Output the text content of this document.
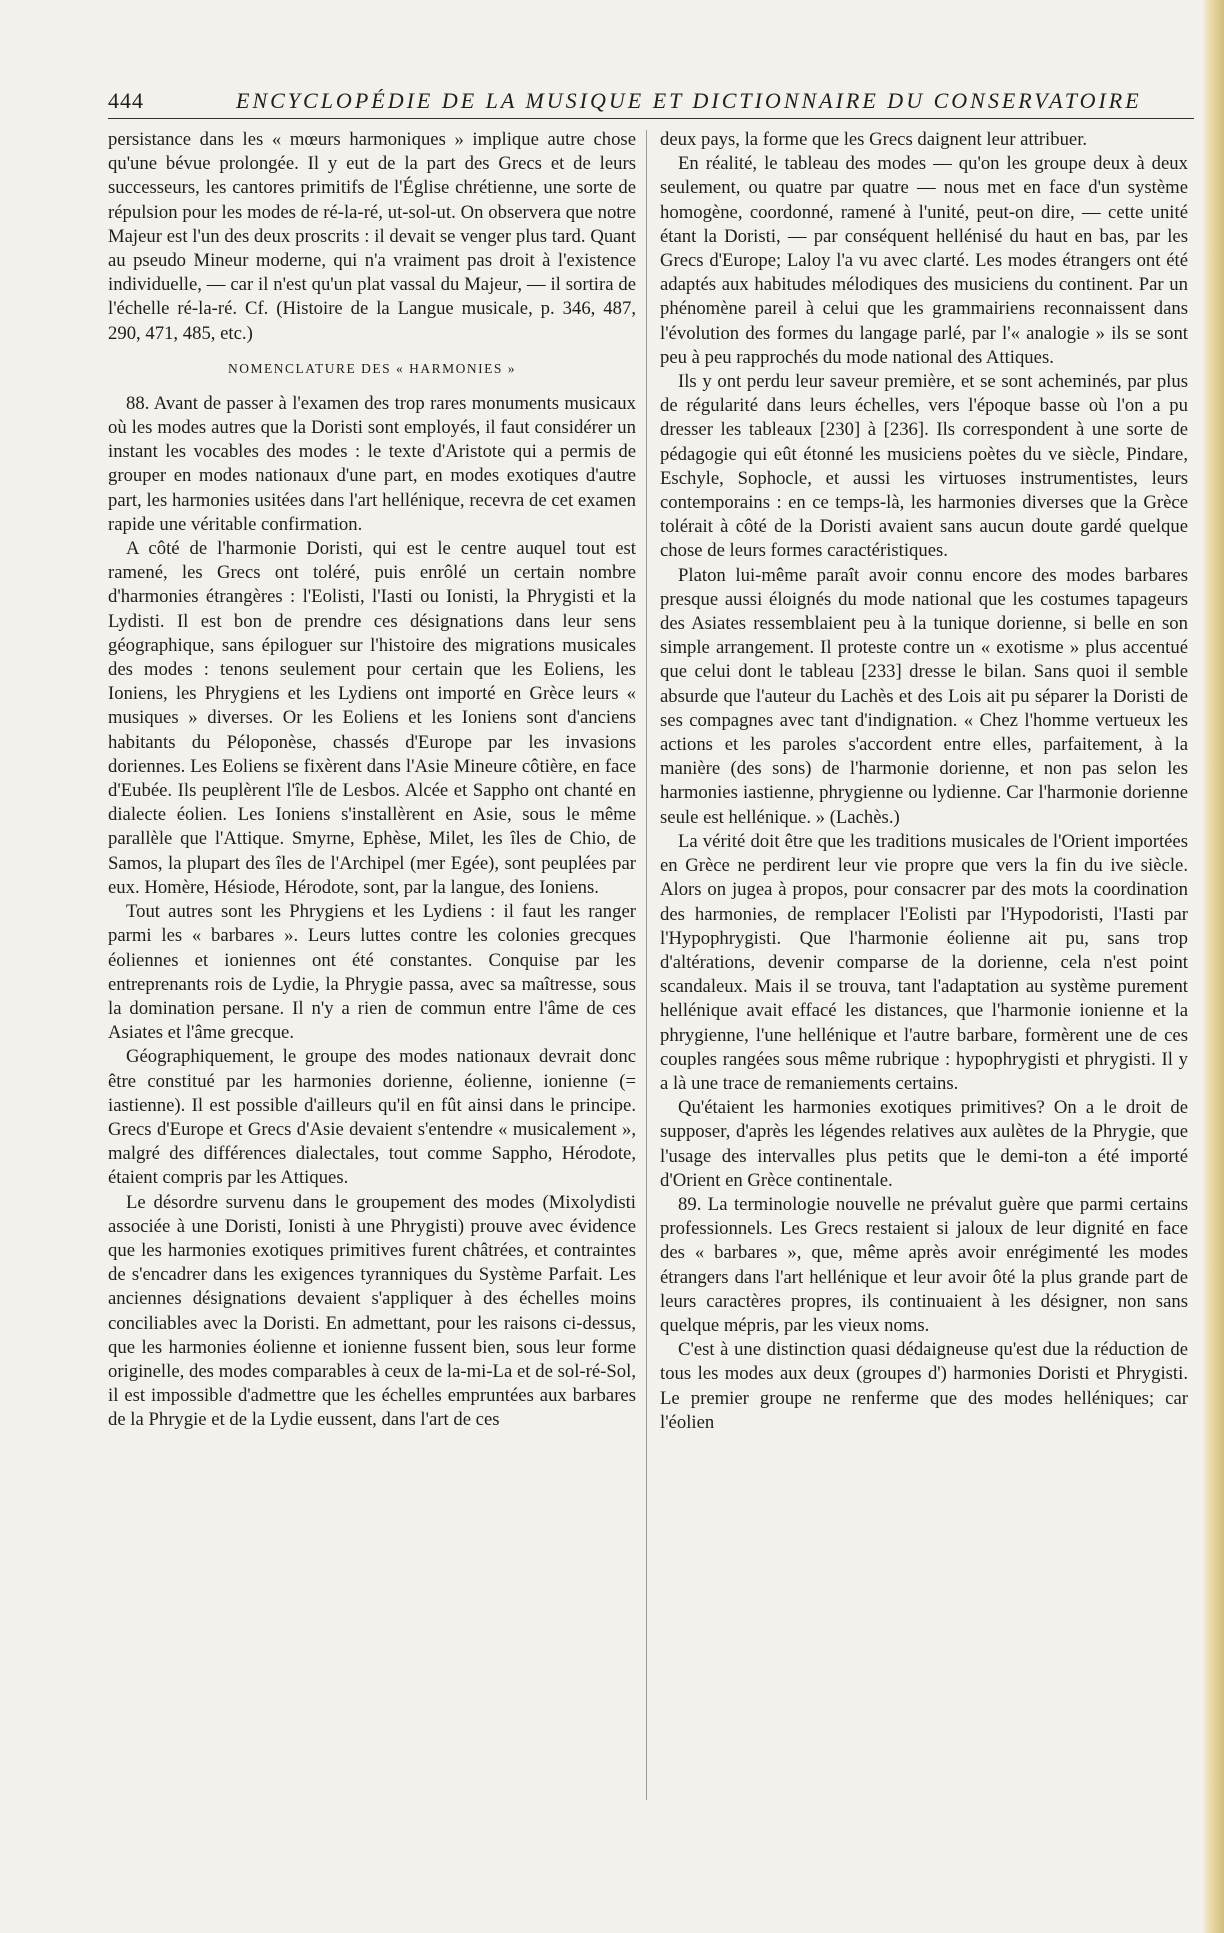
444	ENCYCLOPÉDIE DE LA MUSIQUE ET DICTIONNAIRE DU CONSERVATOIRE

persistance dans les « mœurs harmoniques » implique autre chose qu'une bévue prolongée. Il y eut de la part des Grecs et de leurs successeurs, les cantores primitifs de l'Église chrétienne, une sorte de répulsion pour les modes de ré-la-ré, ut-sol-ut. On observera que notre Majeur est l'un des deux proscrits : il devait se venger plus tard. Quant au pseudo Mineur moderne, qui n'a vraiment pas droit à l'existence individuelle, — car il n'est qu'un plat vassal du Majeur, — il sortira de l'échelle ré-la-ré. Cf. (Histoire de la Langue musicale, p. 346, 487, 290, 471, 485, etc.)

NOMENCLATURE DES « HARMONIES »

88. Avant de passer à l'examen des trop rares monuments musicaux où les modes autres que la Doristi sont employés, il faut considérer un instant les vocables des modes : le texte d'Aristote qui a permis de grouper en modes nationaux d'une part, en modes exotiques d'autre part, les harmonies usitées dans l'art hellénique, recevra de cet examen rapide une véritable confirmation.

A côté de l'harmonie Doristi, qui est le centre auquel tout est ramené, les Grecs ont toléré, puis enrôlé un certain nombre d'harmonies étrangères : l'Eolisti, l'Iasti ou Ionisti, la Phrygisti et la Lydisti. Il est bon de prendre ces désignations dans leur sens géographique, sans épiloguer sur l'histoire des migrations musicales des modes : tenons seulement pour certain que les Eoliens, les Ioniens, les Phrygiens et les Lydiens ont importé en Grèce leurs « musiques » diverses. Or les Eoliens et les Ioniens sont d'anciens habitants du Péloponèse, chassés d'Europe par les invasions doriennes. Les Eoliens se fixèrent dans l'Asie Mineure côtière, en face d'Eubée. Ils peuplèrent l'île de Lesbos. Alcée et Sappho ont chanté en dialecte éolien. Les Ioniens s'installèrent en Asie, sous le même parallèle que l'Attique. Smyrne, Ephèse, Milet, les îles de Chio, de Samos, la plupart des îles de l'Archipel (mer Egée), sont peuplées par eux. Homère, Hésiode, Hérodote, sont, par la langue, des Ioniens.

Tout autres sont les Phrygiens et les Lydiens : il faut les ranger parmi les « barbares ». Leurs luttes contre les colonies grecques éoliennes et ioniennes ont été constantes. Conquise par les entreprenants rois de Lydie, la Phrygie passa, avec sa maîtresse, sous la domination persane. Il n'y a rien de commun entre l'âme de ces Asiates et l'âme grecque.

Géographiquement, le groupe des modes nationaux devrait donc être constitué par les harmonies dorienne, éolienne, ionienne (= iastienne). Il est possible d'ailleurs qu'il en fût ainsi dans le principe. Grecs d'Europe et Grecs d'Asie devaient s'entendre « musicalement », malgré des différences dialectales, tout comme Sappho, Hérodote, étaient compris par les Attiques.

Le désordre survenu dans le groupement des modes (Mixolydisti associée à une Doristi, Ionisti à une Phrygisti) prouve avec évidence que les harmonies exotiques primitives furent châtrées, et contraintes de s'encadrer dans les exigences tyranniques du Système Parfait. Les anciennes désignations devaient s'appliquer à des échelles moins conciliables avec la Doristi. En admettant, pour les raisons ci-dessus, que les harmonies éolienne et ionienne fussent bien, sous leur forme originelle, des modes comparables à ceux de la-mi-La et de sol-ré-Sol, il est impossible d'admettre que les échelles empruntées aux barbares de la Phrygie et de la Lydie eussent, dans l'art de ces

deux pays, la forme que les Grecs daignent leur attribuer.

En réalité, le tableau des modes — qu'on les groupe deux à deux seulement, ou quatre par quatre — nous met en face d'un système homogène, coordonné, ramené à l'unité, peut-on dire, — cette unité étant la Doristi, — par conséquent hellénisé du haut en bas, par les Grecs d'Europe; Laloy l'a vu avec clarté. Les modes étrangers ont été adaptés aux habitudes mélodiques des musiciens du continent. Par un phénomène pareil à celui que les grammairiens reconnaissent dans l'évolution des formes du langage parlé, par l'« analogie » ils se sont peu à peu rapprochés du mode national des Attiques.

Ils y ont perdu leur saveur première, et se sont acheminés, par plus de régularité dans leurs échelles, vers l'époque basse où l'on a pu dresser les tableaux [230] à [236]. Ils correspondent à une sorte de pédagogie qui eût étonné les musiciens poètes du ve siècle, Pindare, Eschyle, Sophocle, et aussi les virtuoses instrumentistes, leurs contemporains : en ce temps-là, les harmonies diverses que la Grèce tolérait à côté de la Doristi avaient sans aucun doute gardé quelque chose de leurs formes caractéristiques.

Platon lui-même paraît avoir connu encore des modes barbares presque aussi éloignés du mode national que les costumes tapageurs des Asiates ressemblaient peu à la tunique dorienne, si belle en son simple arrangement. Il proteste contre un « exotisme » plus accentué que celui dont le tableau [233] dresse le bilan. Sans quoi il semble absurde que l'auteur du Lachès et des Lois ait pu séparer la Doristi de ses compagnes avec tant d'indignation. « Chez l'homme vertueux les actions et les paroles s'accordent entre elles, parfaitement, à la manière (des sons) de l'harmonie dorienne, et non pas selon les harmonies iastienne, phrygienne ou lydienne. Car l'harmonie dorienne seule est hellénique. » (Lachès.)

La vérité doit être que les traditions musicales de l'Orient importées en Grèce ne perdirent leur vie propre que vers la fin du ive siècle. Alors on jugea à propos, pour consacrer par des mots la coordination des harmonies, de remplacer l'Eolisti par l'Hypodoristi, l'Iasti par l'Hypophrygisti. Que l'harmonie éolienne ait pu, sans trop d'altérations, devenir comparse de la dorienne, cela n'est point scandaleux. Mais il se trouva, tant l'adaptation au système purement hellénique avait effacé les distances, que l'harmonie ionienne et la phrygienne, l'une hellénique et l'autre barbare, formèrent une de ces couples rangées sous même rubrique : hypophrygisti et phrygisti. Il y a là une trace de remaniements certains.

Qu'étaient les harmonies exotiques primitives? On a le droit de supposer, d'après les légendes relatives aux aulètes de la Phrygie, que l'usage des intervalles plus petits que le demi-ton a été importé d'Orient en Grèce continentale.

89. La terminologie nouvelle ne prévalut guère que parmi certains professionnels. Les Grecs restaient si jaloux de leur dignité en face des « barbares », que, même après avoir enrégimenté les modes étrangers dans l'art hellénique et leur avoir ôté la plus grande part de leurs caractères propres, ils continuaient à les désigner, non sans quelque mépris, par les vieux noms.

C'est à une distinction quasi dédaigneuse qu'est due la réduction de tous les modes aux deux (groupes d') harmonies Doristi et Phrygisti. Le premier groupe ne renferme que des modes helléniques; car l'éolien
